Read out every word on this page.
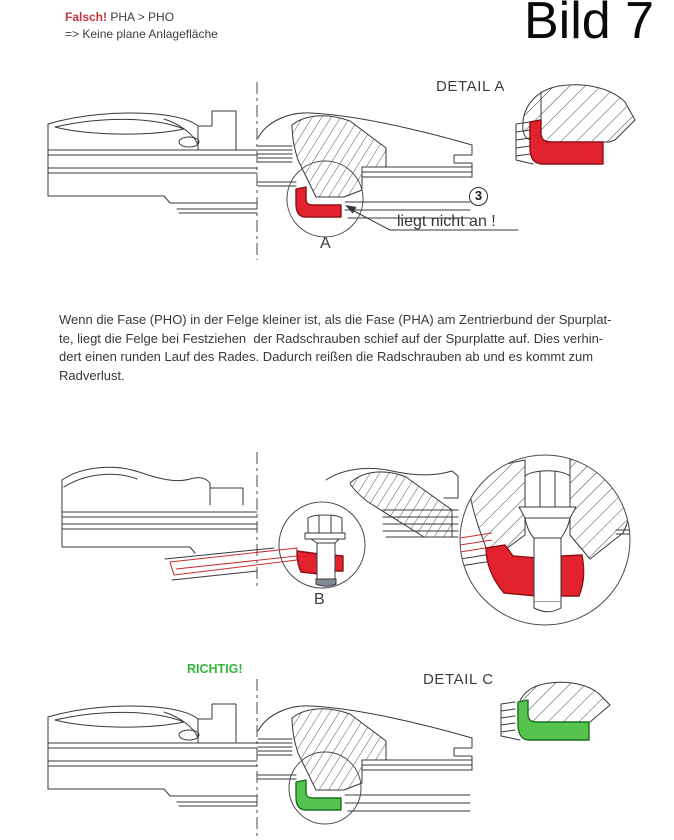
Falsch! PHA > PHO
=> Keine plane Anlagefläche	Bild 7
DETAIL A
3
liegt nicht an !
A
Wenn die Fase (PHO) in der Felge kleiner ist, als die Fase (PHA) am Zentrierbund der Spurplat-
te, liegt die Felge bei Festziehen  der Radschrauben schief auf der Spurplatte auf. Dies verhin-
dert einen runden Lauf des Rades. Dadurch reißen die Radschrauben ab und es kommt zum
Radverlust.
B
RICHTIG!
DETAIL C
